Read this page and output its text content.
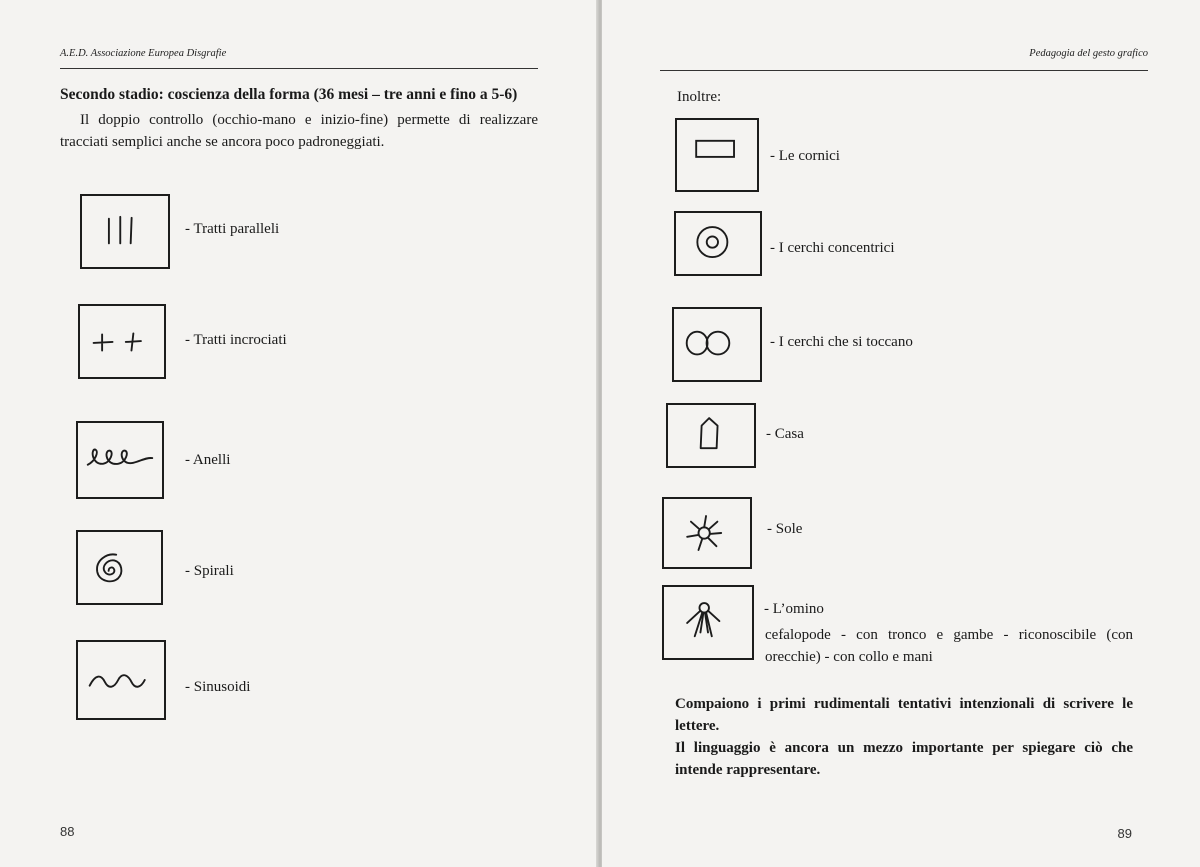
A.E.D. Associazione Europea Disgrafie
Secondo stadio: coscienza della forma (36 mesi – tre anni e fino a 5-6)
Il doppio controllo (occhio-mano e inizio-fine) permette di realizzare tracciati semplici anche se ancora poco padroneggiati.
- Tratti paralleli
- Tratti incrociati
- Anelli
- Spirali
- Sinusoidi
88
Pedagogia del gesto grafico
Inoltre:
- Le cornici
- I cerchi concentrici
- I cerchi che si toccano
- Casa
- Sole
- L’omino
cefalopode - con tronco e gambe - riconoscibile (con orecchie) - con collo e mani
Compaiono i primi rudimentali tentativi intenzionali di scrivere le lettere.
Il linguaggio è ancora un mezzo importante per spiegare ciò che intende rappresentare.
89
